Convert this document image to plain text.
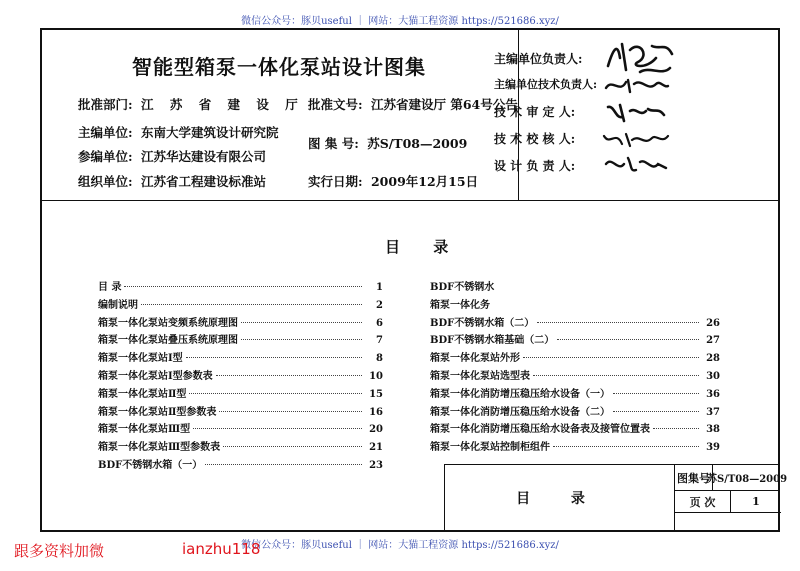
微信公众号：豚贝useful ｜ 网站：大猫工程资源 https://521686.xyz/
智能型箱泵一体化泵站设计图集
批准部门: 江 苏 省 建 设 厅
主编单位: 东南大学建筑设计研究院
参编单位: 江苏华达建设有限公司
组织单位: 江苏省工程建设标准站
批准文号: 江苏省建设厅 第64号公告
图 集 号: 苏S/T08—2009
实行日期: 2009年12月15日
主编单位负责人:
主编单位技术负责人:
技 术 审 定 人:
技 术 校 核 人:
设 计 负 责 人:
目 录
目 录	1
编制说明	2
箱泵一体化泵站变频系统原理图	6
箱泵一体化泵站叠压系统原理图	7
箱泵一体化泵站Ⅰ型	8
箱泵一体化泵站Ⅰ型参数表	10
箱泵一体化泵站Ⅱ型	15
箱泵一体化泵站Ⅱ型参数表	16
箱泵一体化泵站Ⅲ型	20
箱泵一体化泵站Ⅲ型参数表	21
BDF不锈钢水箱（一）	23
BDF不锈钢水
箱泵一体化务
BDF不锈钢水箱（二）	26
BDF不锈钢水箱基础（二）	27
箱泵一体化泵站外形	28
箱泵一体化泵站选型表	30
箱泵一体化消防增压稳压给水设备（一）	36
箱泵一体化消防增压稳压给水设备（二）	37
箱泵一体化消防增压稳压给水设备表及接管位置表	38
箱泵一体化泵站控制柜组件	39
目 录
图集号
苏S/T08—2009
页 次	1
微信公众号：豚贝useful ｜ 网站：大猫工程资源 https://521686.xyz/
跟多资料加微	ianzhu118
